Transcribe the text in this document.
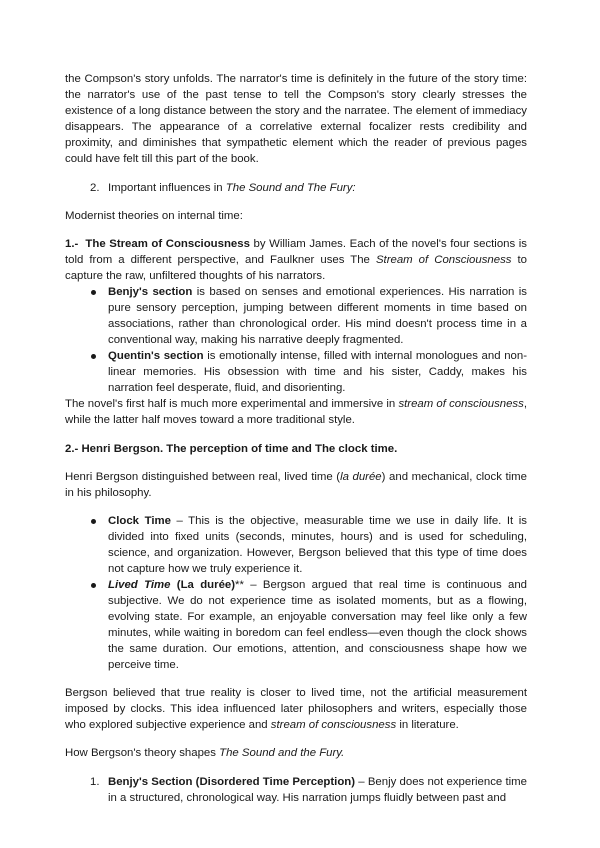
the Compson's story unfolds. The narrator's time is definitely in the future of the story time: the narrator's use of the past tense to tell the Compson's story clearly stresses the existence of a long distance between the story and the narratee. The element of immediacy disappears. The appearance of a correlative external focalizer rests credibility and proximity, and diminishes that sympathetic element which the reader of previous pages could have felt till this part of the book.

2. Important influences in The Sound and The Fury:

Modernist theories on internal time:

1.- The Stream of Consciousness by William James. Each of the novel's four sections is told from a different perspective, and Faulkner uses The Stream of Consciousness to capture the raw, unfiltered thoughts of his narrators.

Benjy's section is based on senses and emotional experiences. His narration is pure sensory perception, jumping between different moments in time based on associations, rather than chronological order. His mind doesn't process time in a conventional way, making his narrative deeply fragmented.
Quentin's section is emotionally intense, filled with internal monologues and non-linear memories. His obsession with time and his sister, Caddy, makes his narration feel desperate, fluid, and disorienting.

The novel's first half is much more experimental and immersive in stream of consciousness, while the latter half moves toward a more traditional style.

2.- Henri Bergson. The perception of time and The clock time.

Henri Bergson distinguished between real, lived time (la durée) and mechanical, clock time in his philosophy.

Clock Time – This is the objective, measurable time we use in daily life. It is divided into fixed units (seconds, minutes, hours) and is used for scheduling, science, and organization. However, Bergson believed that this type of time does not capture how we truly experience it.
Lived Time (La durée)** – Bergson argued that real time is continuous and subjective. We do not experience time as isolated moments, but as a flowing, evolving state. For example, an enjoyable conversation may feel like only a few minutes, while waiting in boredom can feel endless—even though the clock shows the same duration. Our emotions, attention, and consciousness shape how we perceive time.

Bergson believed that true reality is closer to lived time, not the artificial measurement imposed by clocks. This idea influenced later philosophers and writers, especially those who explored subjective experience and stream of consciousness in literature.

How Bergson's theory shapes The Sound and the Fury.

1. Benjy's Section (Disordered Time Perception) – Benjy does not experience time in a structured, chronological way. His narration jumps fluidly between past and
